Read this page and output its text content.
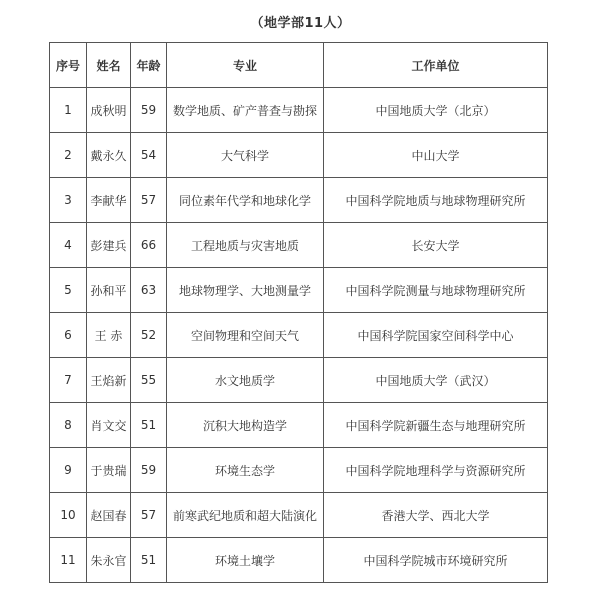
（地学部11人）
序号	姓名	年龄	专业	工作单位
1	成秋明	59	数学地质、矿产普查与勘探	中国地质大学（北京）
2	戴永久	54	大气科学	中山大学
3	李献华	57	同位素年代学和地球化学	中国科学院地质与地球物理研究所
4	彭建兵	66	工程地质与灾害地质	长安大学
5	孙和平	63	地球物理学、大地测量学	中国科学院测量与地球物理研究所
6	王 赤	52	空间物理和空间天气	中国科学院国家空间科学中心
7	王焰新	55	水文地质学	中国地质大学（武汉）
8	肖文交	51	沉积大地构造学	中国科学院新疆生态与地理研究所
9	于贵瑞	59	环境生态学	中国科学院地理科学与资源研究所
10	赵国春	57	前寒武纪地质和超大陆演化	香港大学、西北大学
11	朱永官	51	环境土壤学	中国科学院城市环境研究所
